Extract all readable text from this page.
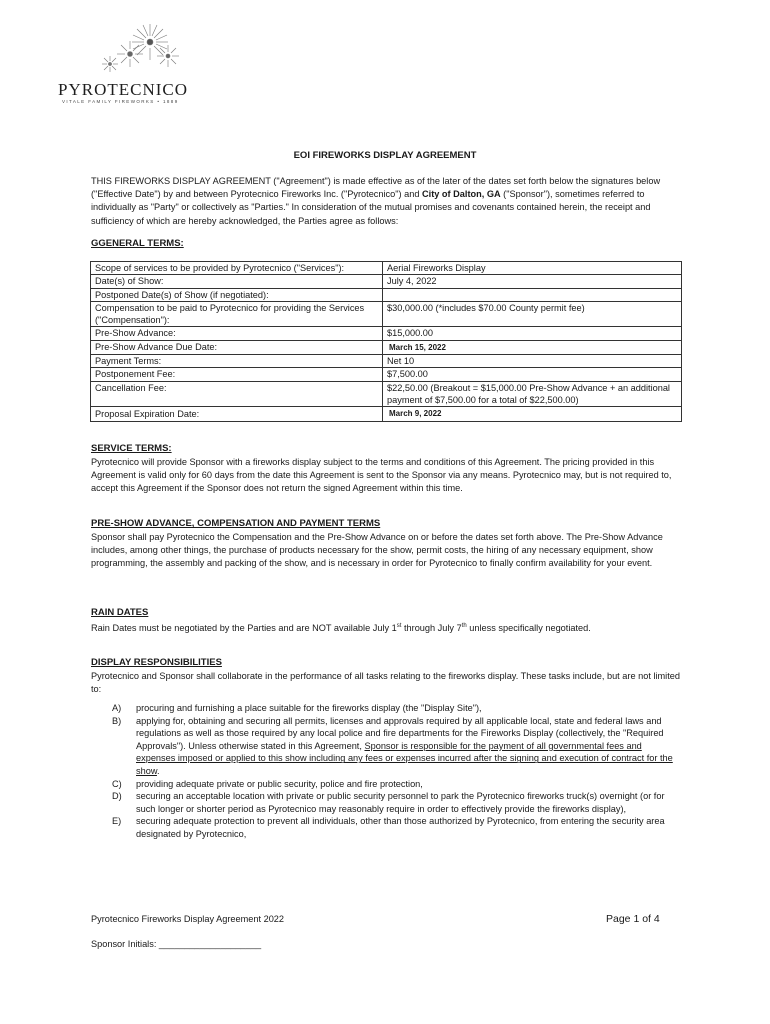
PYROTECNICO
VITALE FAMILY FIREWORKS • 1889
EOI FIREWORKS DISPLAY AGREEMENT
THIS FIREWORKS DISPLAY AGREEMENT ("Agreement") is made effective as of the later of the dates set forth below the signatures below ("Effective Date") by and between Pyrotecnico Fireworks Inc. ("Pyrotecnico") and City of Dalton, GA ("Sponsor"), sometimes referred to individually as "Party" or collectively as "Parties." In consideration of the mutual promises and covenants contained herein, the receipt and sufficiency of which are hereby acknowledged, the Parties agree as follows:
GGENERAL TERMS:
Scope of services to be provided by Pyrotecnico ("Services"):	Aerial Fireworks Display
Date(s) of Show:	July 4, 2022
Postponed Date(s) of Show (if negotiated):	
Compensation to be paid to Pyrotecnico for providing the Services ("Compensation"):	$30,000.00 (*includes $70.00 County permit fee)
Pre-Show Advance:	$15,000.00
Pre-Show Advance Due Date:	March 15, 2022
Payment Terms:	Net 10
Postponement Fee:	$7,500.00
Cancellation Fee:	$22,50.00 (Breakout = $15,000.00 Pre-Show Advance + an additional payment of $7,500.00 for a total of $22,500.00)
Proposal Expiration Date:	March 9, 2022
SERVICE TERMS:
Pyrotecnico will provide Sponsor with a fireworks display subject to the terms and conditions of this Agreement. The pricing provided in this Agreement is valid only for 60 days from the date this Agreement is sent to the Sponsor via any means. Pyrotecnico may, but is not required to, accept this Agreement if the Sponsor does not return the signed Agreement within this time.
PRE-SHOW ADVANCE, COMPENSATION AND PAYMENT TERMS
Sponsor shall pay Pyrotecnico the Compensation and the Pre-Show Advance on or before the dates set forth above. The Pre-Show Advance includes, among other things, the purchase of products necessary for the show, permit costs, the hiring of any necessary equipment, show programming, the assembly and packing of the show, and is necessary in order for Pyrotecnico to finally confirm availability for your event.
RAIN DATES
Rain Dates must be negotiated by the Parties and are NOT available July 1st through July 7th unless specifically negotiated.
DISPLAY RESPONSIBILITIES
Pyrotecnico and Sponsor shall collaborate in the performance of all tasks relating to the fireworks display. These tasks include, but are not limited to:
A) procuring and furnishing a place suitable for the fireworks display (the "Display Site"),
B) applying for, obtaining and securing all permits, licenses and approvals required by all applicable local, state and federal laws and regulations as well as those required by any local police and fire departments for the Fireworks Display (collectively, the "Required Approvals"). Unless otherwise stated in this Agreement, Sponsor is responsible for the payment of all governmental fees and expenses imposed or applied to this show including any fees or expenses incurred after the signing and execution of contract for the show.
C) providing adequate private or public security, police and fire protection,
D) securing an acceptable location with private or public security personnel to park the Pyrotecnico fireworks truck(s) overnight (or for such longer or shorter period as Pyrotecnico may reasonably require in order to effectively provide the fireworks display),
E) securing adequate protection to prevent all individuals, other than those authorized by Pyrotecnico, from entering the security area designated by Pyrotecnico,
Pyrotecnico Fireworks Display Agreement 2022	Page 1 of 4
Sponsor Initials: ____________________
